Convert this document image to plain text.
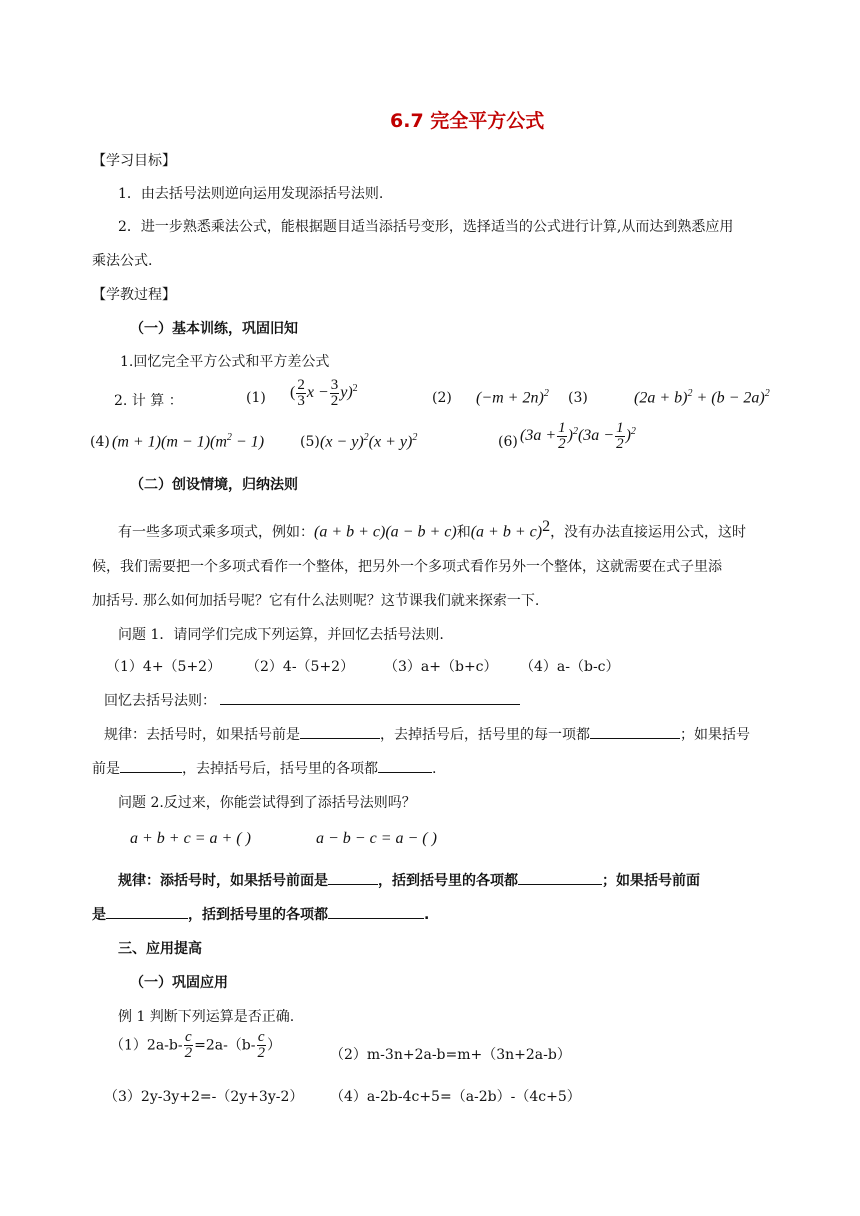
6.7 完全平方公式
【学习目标】
1．由去括号法则逆向运用发现添括号法则.
2．进一步熟悉乘法公式，能根据题目适当添括号变形，选择适当的公式进行计算,从而达到熟悉应用
乘法公式.
【学教过程】
（一）基本训练，巩固旧知
1.回忆完全平方公式和平方差公式
2. 计 算 ：	(1) ( $\frac{2}{3}$ $x - \frac{3}{2} y)^2$
(2) $(-m + 2n)^2$ (3)	$(2a + b)^2 + (b - 2a)^2$
(4) $(m + 1)(m - 1)(m^2 - 1)$	(5) $(x - y)^2(x + y)^2$	(6) $(3a + \frac{1}{2} )^2(3a - \frac{1}{2} )^2$
（二）创设情境，归纳法则
有一些多项式乘多项式，例如：(a + b + c)(a − b + c)和$(a + b + c)^2$，没有办法直接运用公式，这时
候，我们需要把一个多项式看作一个整体，把另外一个多项式看作另外一个整体，这就需要在式子里添
加括号. 那么如何加括号呢？它有什么法则呢？这节课我们就来探索一下.
问题 1．请同学们完成下列运算，并回忆去括号法则.
（1）4+（5+2） （2）4-（5+2） （3）a+（b+c） （4）a-（b-c）
回忆去括号法则：
规律：去括号时，如果括号前是	，去掉括号后，括号里的每一项都	；如果括号
前是	，去掉括号后，括号里的各项都	.
问题 2.反过来，你能尝试得到了添括号法则吗？
a + b + c = a + ( )	a − b − c = a − ( )
规律：添括号时，如果括号前面是	，括到括号里的各项都	；如果括号前面
是	，括到括号里的各项都	.
三、应用提高
（一）巩固应用
例 1 判断下列运算是否正确.
$(1)2a-b- \frac{c}{2} =2a-(b- \frac{c}{2}$ ）
（2）m-3n+2a-b=m+（3n+2a-b）
（3）2y-3y+2=-（2y+3y-2） （4）a-2b-4c+5=（a-2b）-（4c+5）
